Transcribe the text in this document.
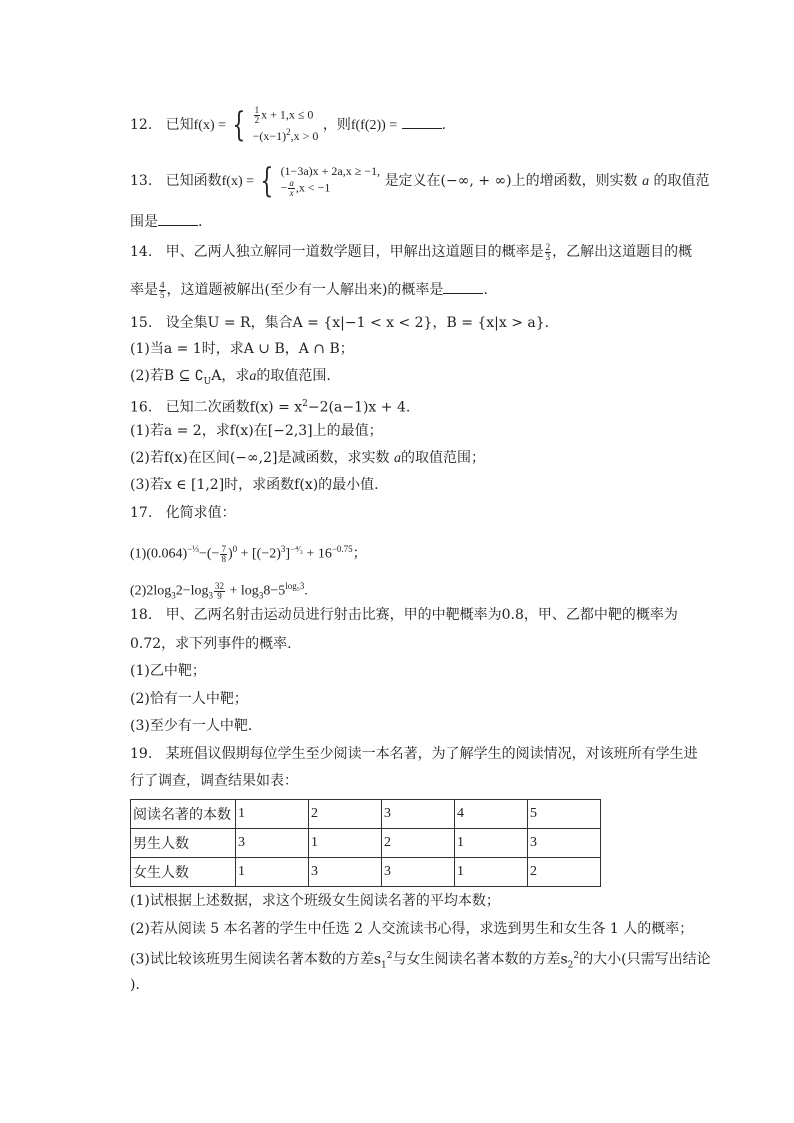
12. 已知f(x) = { $\frac{1}{2}$ x + 1,x ≤ 0
$-(x-1)^2,x > 0$
，则f(f(2)) =	.
13. 已知函数f(x) = { (1−3a)x + 2a,x ≥ −1,
− $\frac{a}{x} ,x < -1$	是定义在(−∞, + ∞)上的增函数，则实数 a 的取值范
围是	.
14. 甲、乙两人独立解同一道数学题目，甲解出这道题目的概率是 $\frac{2}{3}$ ，乙解出这道题目的概
率是 $\frac{4}{5}$ ，这道题被解出(至少有一人解出来)的概率是	.
15. 设全集U = R，集合A = {x|−1 < x < 2}，B = {x|x > a}.
(1)当a = 1时，求A ∪ B，A ∩ B；
(2)若B ⊆ $∁_UA$，求a的取值范围.
16. 已知二次函数$f(x) = x^2-2(a-1)x + 4$.
(1)若a = 2，求f(x)在[−2,3]上的最值；
(2)若f(x)在区间(−∞,2]是减函数，求实数 a的取值范围；
(3)若x ∈ [1,2]时，求函数f(x)的最小值.
17. 化简求值：
$(1)(0.064)^{-\frac{1}{3}}-(- \frac{7}{8} )^0 + [(-2)^3]^{-^4⁄_3} + 16^{-0.75}$；
$(2)2\log_32-\log_3 \frac{32}{9} + \log_38-5^{log_53}$.
18. 甲、乙两名射击运动员进行射击比赛，甲的中靶概率为0.8，甲、乙都中靶的概率为
0.72，求下列事件的概率.
(1)乙中靶；
(2)恰有一人中靶；
(3)至少有一人中靶.
19. 某班倡议假期每位学生至少阅读一本名著，为了解学生的阅读情况，对该班所有学生进
行了调查，调查结果如表：
阅读名著的本数	1	2	3	4	5
男生人数	3	1	2	1	3
女生人数	1	3	3	1	2
(1)试根据上述数据，求这个班级女生阅读名著的平均本数；
(2)若从阅读 5 本名著的学生中任选 2 人交流读书心得，求选到男生和女生各 1 人的概率；
(3)试比较该班男生阅读名著本数的方差$s_1^2$与女生阅读名著本数的方差$s_2^2$的大小(只需写出结论
).
